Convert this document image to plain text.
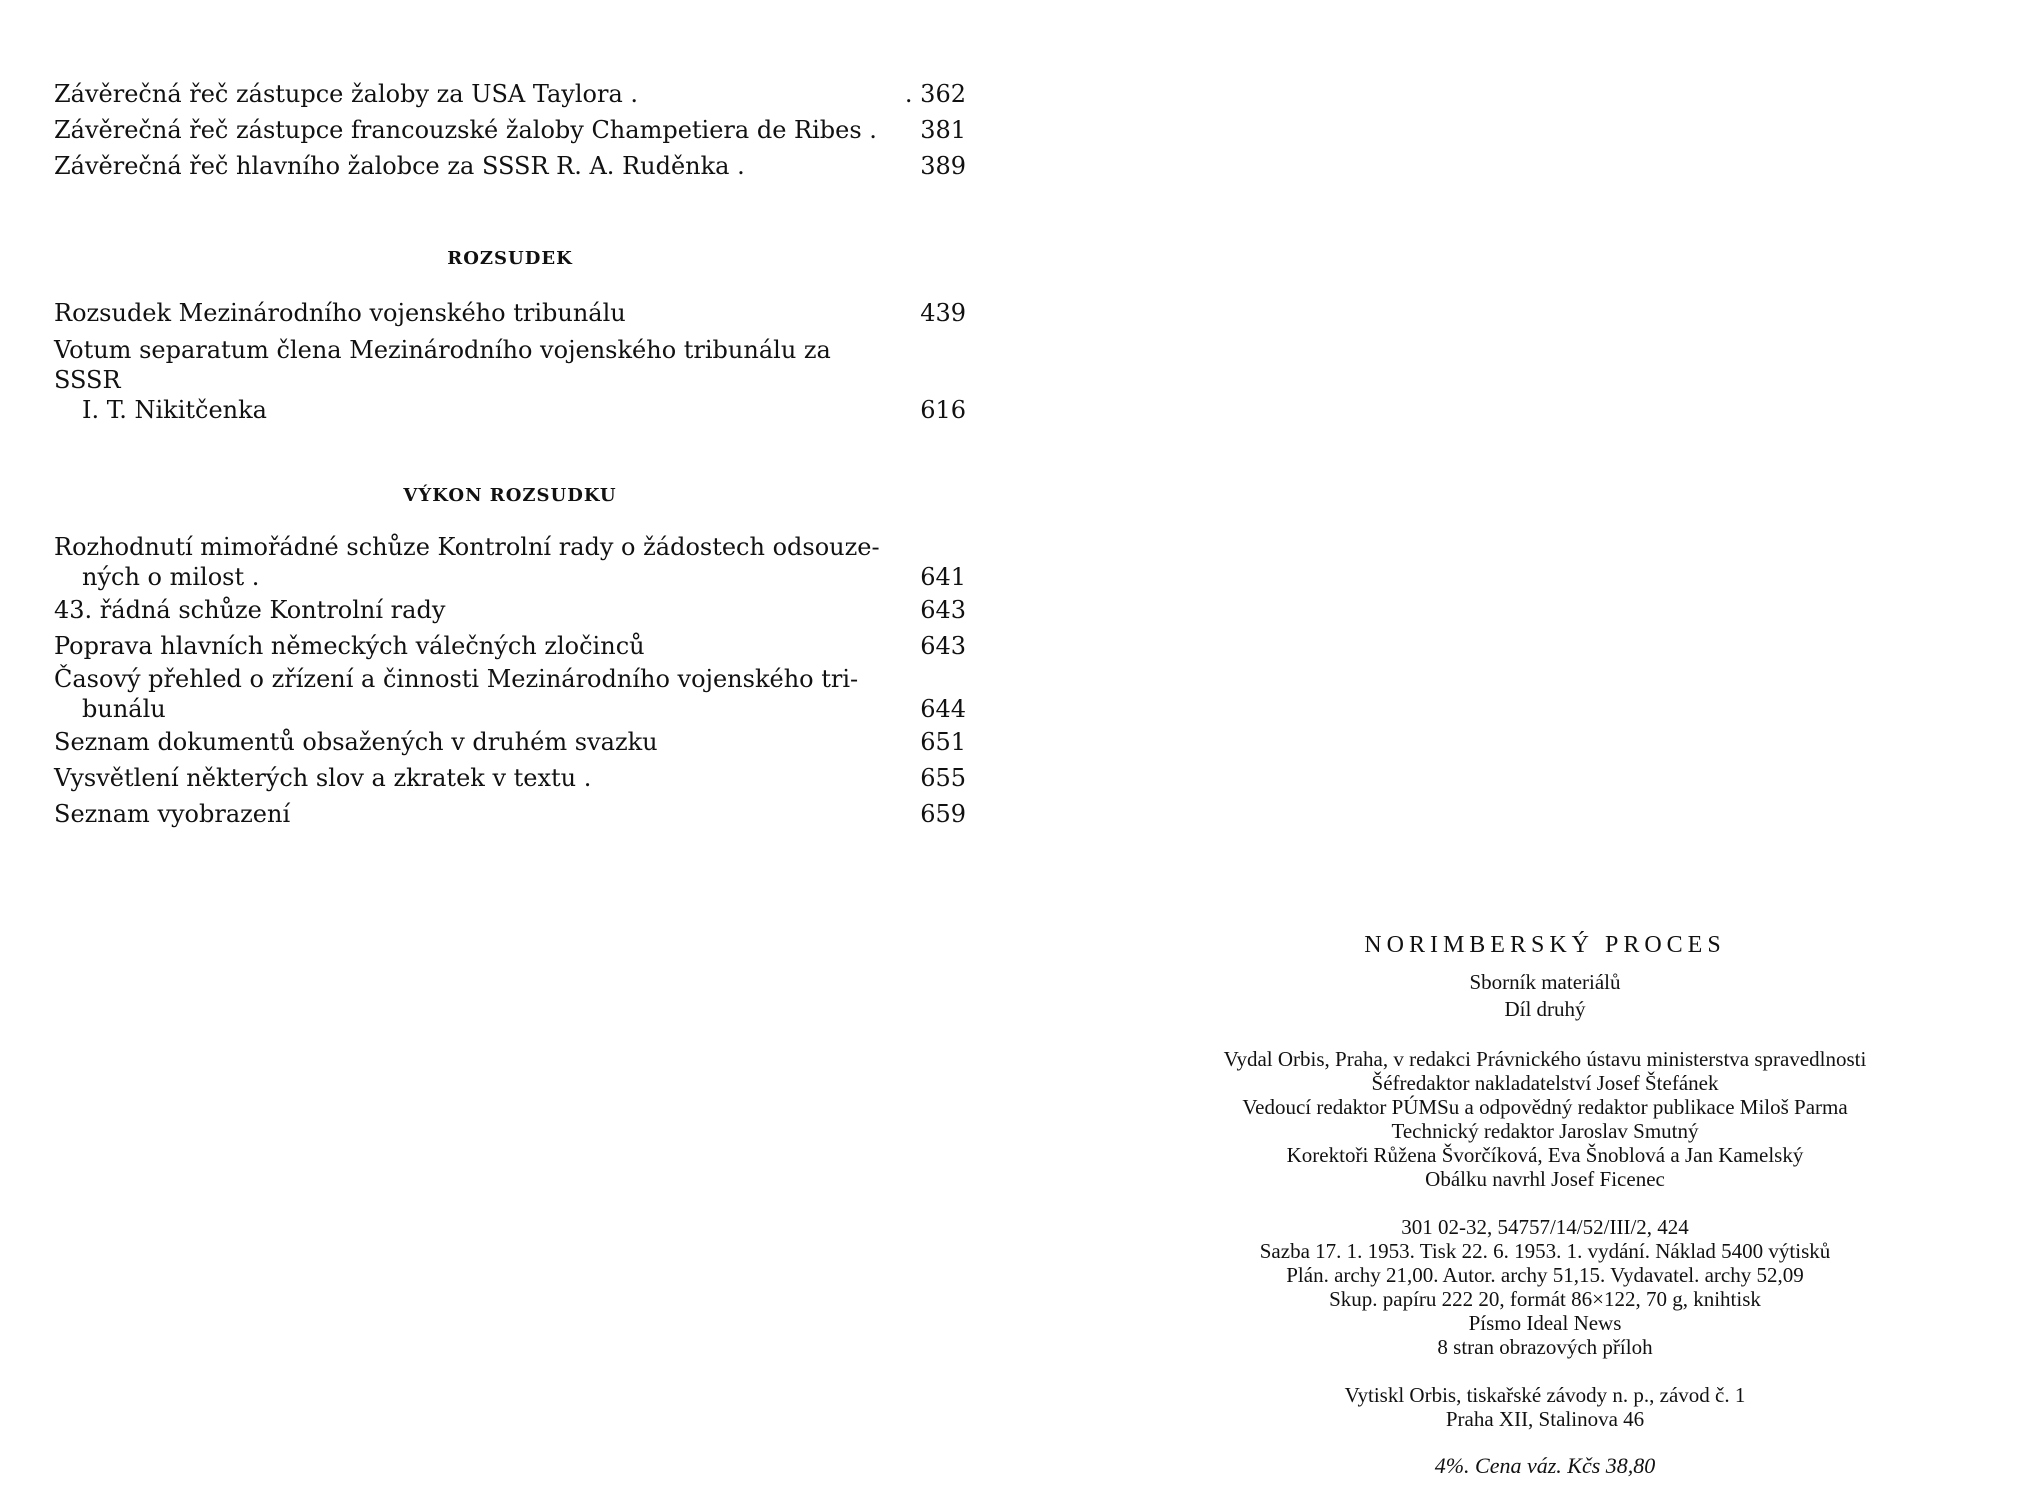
Závěrečná řeč zástupce žaloby za USA Taylora .	. 362
Závěrečná řeč zástupce francouzské žaloby Champetiera de Ribes .	381
Závěrečná řeč hlavního žalobce za SSSR R. A. Ruděnka .	389
ROZSUDEK
Rozsudek Mezinárodního vojenského tribunálu	439
Votum separatum člena Mezinárodního vojenského tribunálu za SSSR
I. T. Nikitčenka	616
VÝKON ROZSUDKU
Rozhodnutí mimořádné schůze Kontrolní rady o žádostech odsouze-
ných o milost .	641
43. řádná schůze Kontrolní rady	643
Poprava hlavních německých válečných zločinců	643
Časový přehled o zřízení a činnosti Mezinárodního vojenského tri-
bunálu	644
Seznam dokumentů obsažených v druhém svazku	651
Vysvětlení některých slov a zkratek v textu .	655
Seznam vyobrazení	659
NORIMBERSKÝ PROCES
Sborník materiálů
Díl druhý
Vydal Orbis, Praha, v redakci Právnického ústavu ministerstva spravedlnosti
Šéfredaktor nakladatelství Josef Štefánek
Vedoucí redaktor PÚMSu a odpovědný redaktor publikace Miloš Parma
Technický redaktor Jaroslav Smutný
Korektoři Růžena Švorčíková, Eva Šnoblová a Jan Kamelský
Obálku navrhl Josef Ficenec
301 02-32, 54757/14/52/III/2, 424
Sazba 17. 1. 1953. Tisk 22. 6. 1953. 1. vydání. Náklad 5400 výtisků
Plán. archy 21,00. Autor. archy 51,15. Vydavatel. archy 52,09
Skup. papíru 222 20, formát 86×122, 70 g, knihtisk
Písmo Ideal News
8 stran obrazových příloh
Vytiskl Orbis, tiskařské závody n. p., závod č. 1
Praha XII, Stalinova 46
4%. Cena váz. Kčs 38,80
